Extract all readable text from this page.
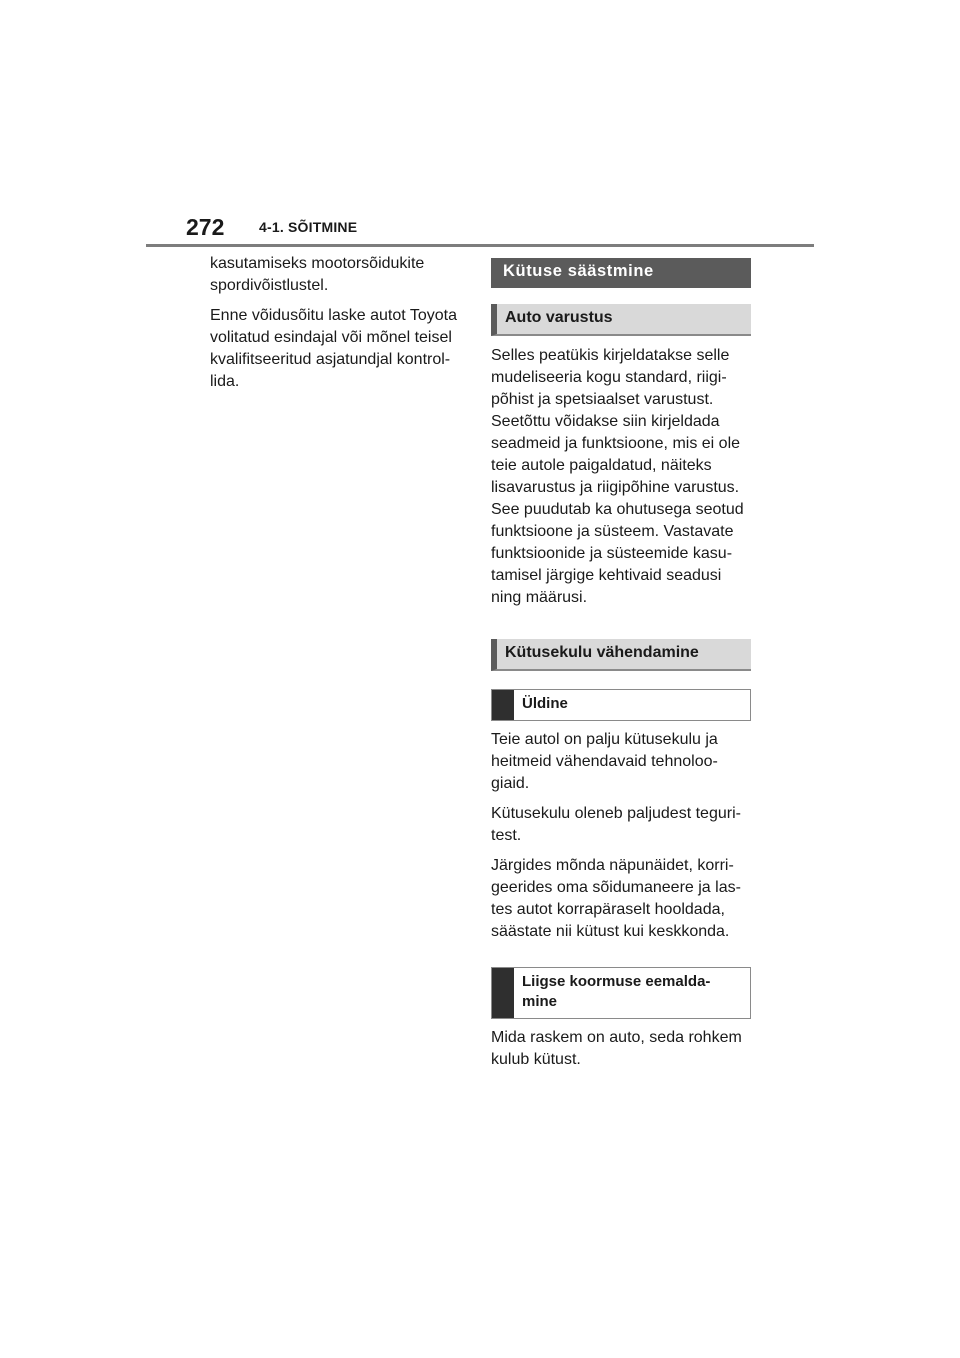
272 4-1. SÕITMINE

kasutamiseks mootorsõidukite spordivõistlustel.

Enne võidusõitu laske autot Toyota volitatud esindajal või mõnel teisel kvalifitseeritud asjatundjal kontrol-lida.

Kütuse säästmine
Auto varustus

Selles peatükis kirjeldatakse selle mudeliseeria kogu standard, riigi-põhist ja spetsiaalset varustust. Seetõttu võidakse siin kirjeldada seadmeid ja funktsioone, mis ei ole teie autole paigaldatud, näiteks lisavarustus ja riigipõhine varustus. See puudutab ka ohutusega seotud funktsioone ja süsteem. Vastavate funktsioonide ja süsteemide kasu-tamisel järgige kehtivaid seadusi ning määrusi.

Kütusekulu vähendamine
Üldine

Teie autol on palju kütusekulu ja heitmeid vähendavaid tehnoloo-giaid.

Kütusekulu oleneb paljudest teguri-test.

Järgides mõnda näpunäidet, korri-geerides oma sõidumaneere ja las-tes autot korrapäraselt hooldada, säästate nii kütust kui keskkonda.

Liigse koormuse eemalda-mine

Mida raskem on auto, seda rohkem kulub kütust.
